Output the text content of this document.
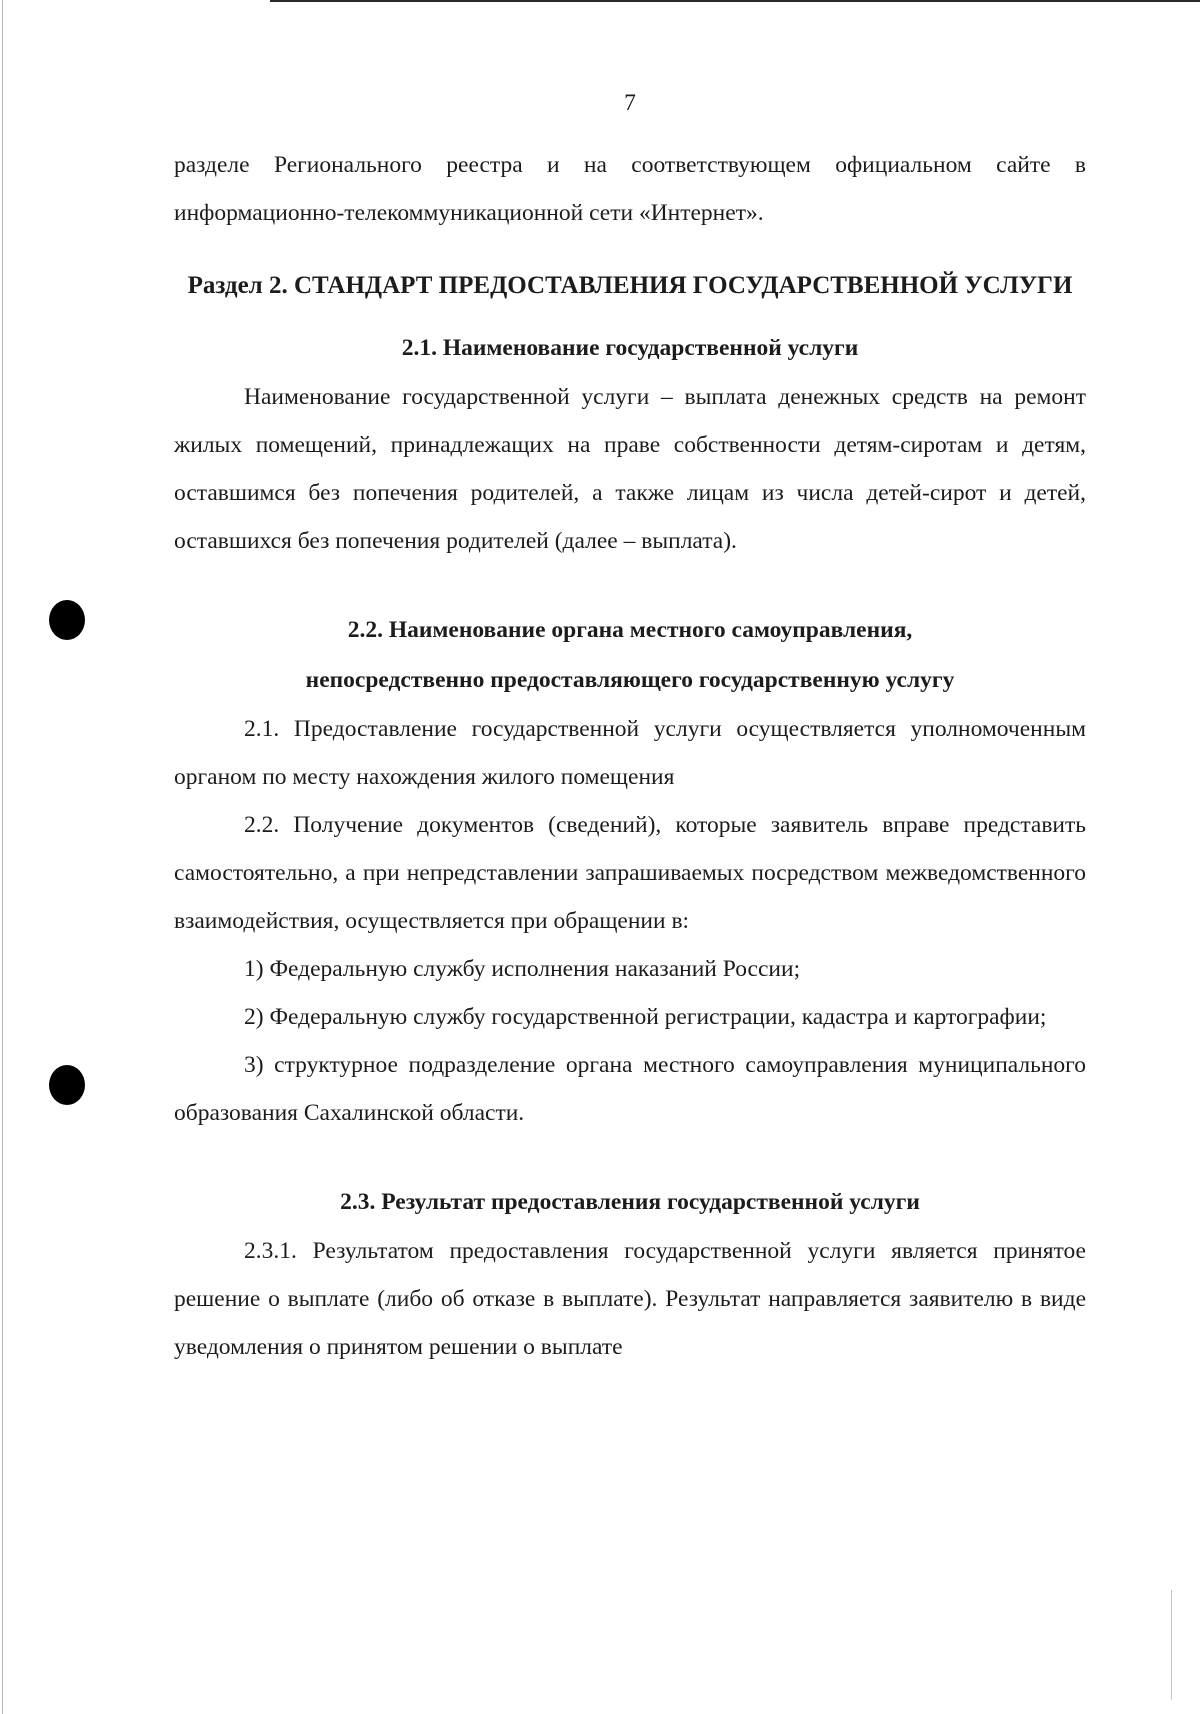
7

разделе Регионального реестра и на соответствующем официальном сайте в информационно-телекоммуникационной сети «Интернет».

Раздел 2. СТАНДАРТ ПРЕДОСТАВЛЕНИЯ ГОСУДАРСТВЕННОЙ УСЛУГИ
2.1. Наименование государственной услуги

Наименование государственной услуги – выплата денежных средств на ремонт жилых помещений, принадлежащих на праве собственности детям-сиротам и детям, оставшимся без попечения родителей, а также лицам из числа детей-сирот и детей, оставшихся без попечения родителей (далее – выплата).

2.2. Наименование органа местного самоуправления,
непосредственно предоставляющего государственную услугу

2.1. Предоставление государственной услуги осуществляется уполномоченным органом по месту нахождения жилого помещения

2.2. Получение документов (сведений), которые заявитель вправе представить самостоятельно, а при непредставлении запрашиваемых посредством межведомственного взаимодействия, осуществляется при обращении в:

1) Федеральную службу исполнения наказаний России;

2) Федеральную службу государственной регистрации, кадастра и картографии;

3) структурное подразделение органа местного самоуправления муниципального образования Сахалинской области.

2.3. Результат предоставления государственной услуги

2.3.1. Результатом предоставления государственной услуги является принятое решение о выплате (либо об отказе в выплате). Результат направляется заявителю в виде уведомления о принятом решении о выплате
